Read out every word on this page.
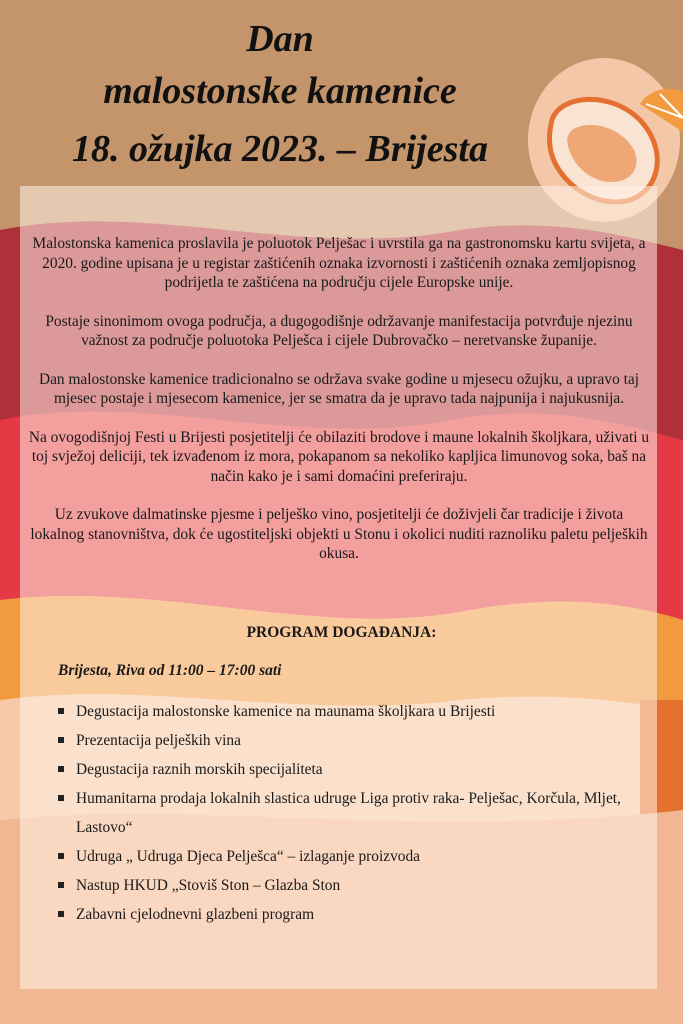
Dan
malostonske kamenice
18. ožujka 2023. – Brijesta

Malostonska kamenica proslavila je poluotok Pelješac i uvrstila ga na gastronomsku kartu svijeta, a 2020. godine upisana je u registar zaštićenih oznaka izvornosti i zaštićenih oznaka zemljopisnog podrijetla te zaštićena na području cijele Europske unije.

Postaje sinonimom ovoga područja, a dugogodišnje održavanje manifestacija potvrđuje njezinu važnost za područje poluotoka Pelješca i cijele Dubrovačko – neretvanske županije.

Dan malostonske kamenice tradicionalno se održava svake godine u mjesecu ožujku, a upravo taj mjesec postaje i mjesecom kamenice, jer se smatra da je upravo tada najpunija i najukusnija.

Na ovogodišnjoj Festi u Brijesti posjetitelji će obilaziti brodove i maune lokalnih školjkara, uživati u toj svježoj deliciji, tek izvađenom iz mora, pokapanom sa nekoliko kapljica limunovog soka, baš na način kako je i sami domaćini preferiraju.

Uz zvukove dalmatinske pjesme i pelješko vino, posjetitelji će doživjeli čar tradicije i života lokalnog stanovništva, dok će ugostiteljski objekti u Stonu i okolici nuditi raznoliku paletu peljeških okusa.

PROGRAM DOGAĐANJA:

Brijesta, Riva od 11:00 – 17:00 sati

Degustacija malostonske kamenice na maunama školjkara u Brijesti
Prezentacija peljeških vina
Degustacija raznih morskih specijaliteta
Humanitarna prodaja lokalnih slastica udruge Liga protiv raka- Pelješac, Korčula, Mljet, Lastovo“
Udruga „ Udruga Djeca Pelješca“ – izlaganje proizvoda
Nastup HKUD „Stoviš Ston – Glazba Ston
Zabavni cjelodnevni glazbeni program
